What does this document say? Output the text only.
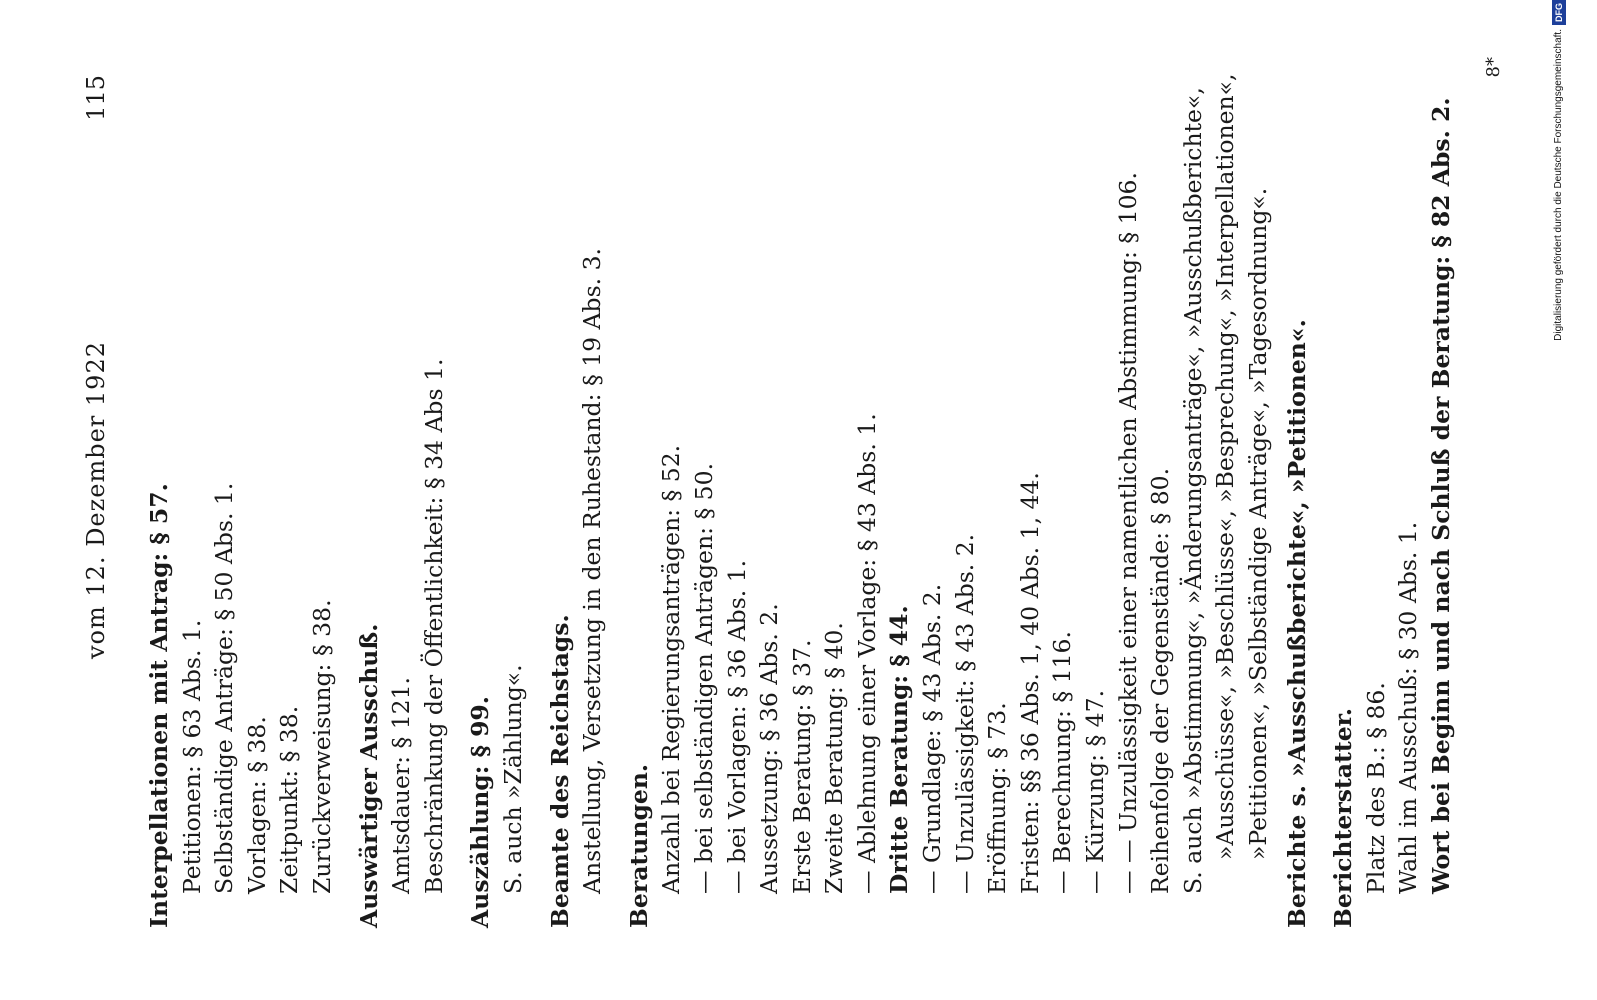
vom 12. Dezember 1922
115
Interpellationen mit Antrag: § 57. Petitionen: § 63 Abs. 1. Selbständige Anträge: § 50 Abs. 1. Vorlagen: § 38. Zeitpunkt: § 38. Zurückverweisung: § 38. Auswärtiger Ausschuß. Amtsdauer: § 121. Beschränkung der Öffentlichkeit: § 34 Abs 1. Auszählung: § 99. S. auch »Zählung«. Beamte des Reichstags. Anstellung, Versetzung in den Ruhestand: § 19 Abs. 3. Beratungen. Anzahl bei Regierungsanträgen: § 52. — bei selbständigen Anträgen: § 50. — bei Vorlagen: § 36 Abs. 1. Aussetzung: § 36 Abs. 2. Erste Beratung: § 37. Zweite Beratung: § 40. — Ablehnung einer Vorlage: § 43 Abs. 1. Dritte Beratung: § 44. — Grundlage: § 43 Abs. 2. — Unzulässigkeit: § 43 Abs. 2. Eröffnung: § 73. Fristen: §§ 36 Abs. 1, 40 Abs. 1, 44. — Berechnung: § 116. — Kürzung: § 47. — — Unzulässigkeit einer namentlichen Abstimmung: § 106. Reihenfolge der Gegenstände: § 80. S. auch »Abstimmung«, »Änderungsanträge«, »Ausschußberichte«, »Ausschüsse«, »Beschlüsse«, »Besprechung«, »Interpellationen«, »Petitionen«, »Selbständige Anträge«, »Tagesordnung«. Berichte s. »Ausschußberichte«, »Petitionen«. Berichterstatter. Platz des B.: § 86. Wahl im Ausschuß: § 30 Abs. 1. Wort bei Beginn und nach Schluß der Beratung: § 82 Abs. 2.
8*	Digitalisierung gefördert durch die Deutsche Forschungsgemeinschaft.
DFG
